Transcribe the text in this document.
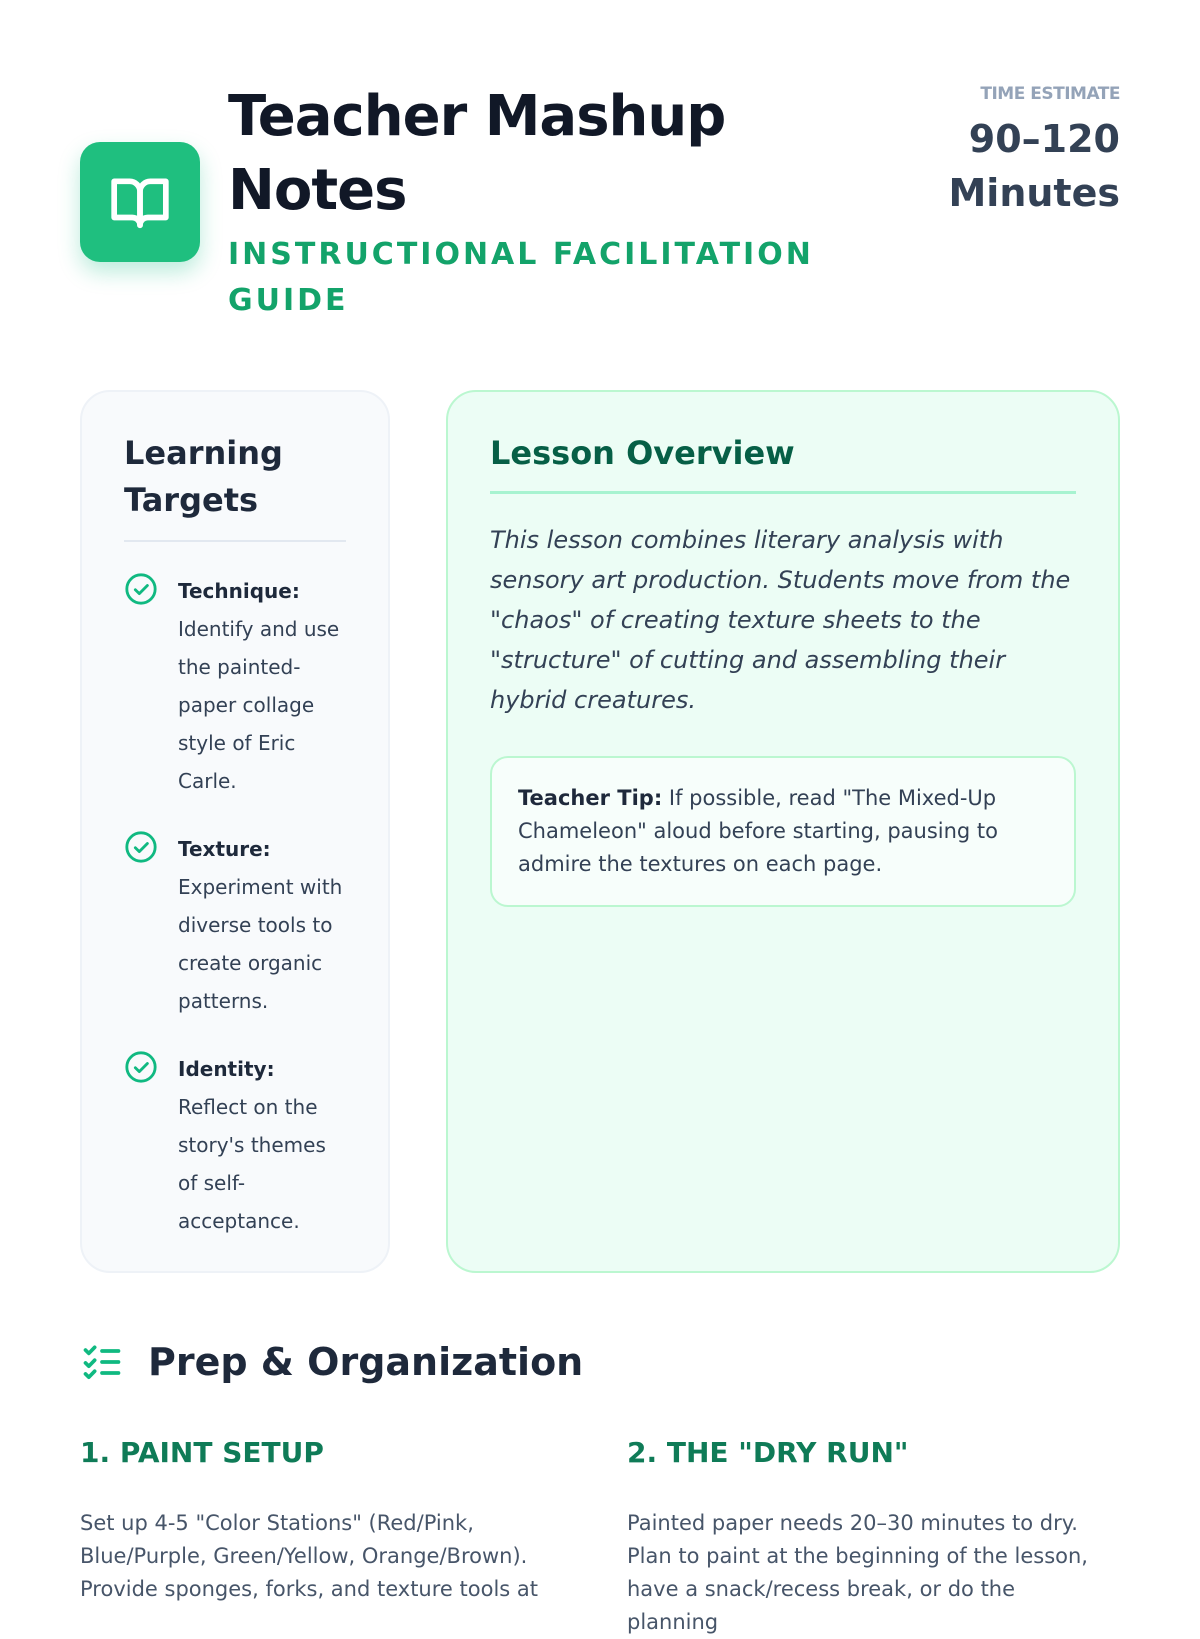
Teacher Mashup Notes
INSTRUCTIONAL FACILITATION GUIDE
TIME ESTIMATE
90–120
Minutes
Learning Targets
Technique: Identify and use the painted-paper collage style of Eric Carle.
Texture: Experiment with diverse tools to create organic patterns.
Identity: Reflect on the story's themes of self-acceptance.
Lesson Overview

This lesson combines literary analysis with sensory art production. Students move from the "chaos" of creating texture sheets to the "structure" of cutting and assembling their hybrid creatures.

Teacher Tip: If possible, read "The Mixed-Up Chameleon" aloud before starting, pausing to admire the textures on each page.
Prep & Organization
1. PAINT SETUP

Set up 4-5 "Color Stations" (Red/Pink, Blue/Purple, Green/Yellow, Orange/Brown). Provide sponges, forks, and texture tools at

2. THE "DRY RUN"

Painted paper needs 20–30 minutes to dry. Plan to paint at the beginning of the lesson, have a snack/recess break, or do the planning
